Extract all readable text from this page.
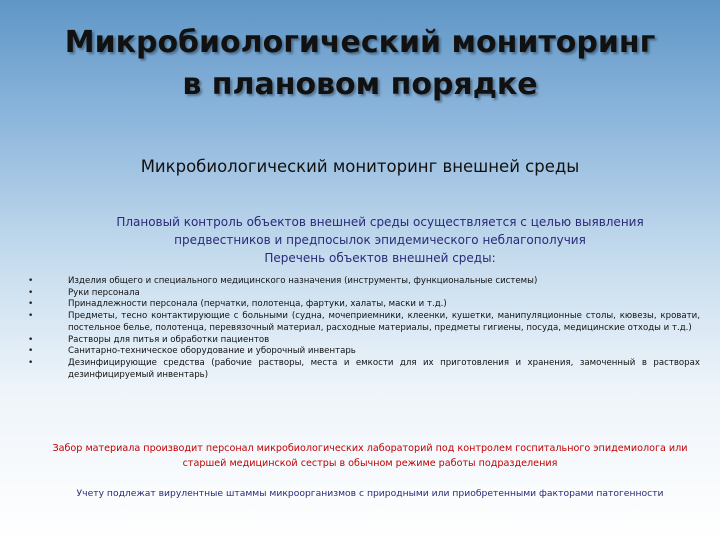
Микробиологический мониторинг
в плановом порядке
Микробиологический мониторинг внешней среды
Плановый контроль объектов внешней среды осуществляется с целью выявления предвестников и предпосылок эпидемического неблагополучия
Перечень объектов внешней среды:
•	Изделия общего и специального медицинского назначения (инструменты, функциональные системы)
•	Руки персонала
•	Принадлежности персонала (перчатки, полотенца, фартуки, халаты, маски и т.д.)
•	Предметы, тесно контактирующие с больными (судна, мочеприемники, клеенки, кушетки, манипуляционные столы, кювезы, кровати, постельное белье, полотенца, перевязочный материал, расходные материалы, предметы гигиены, посуда, медицинские отходы и т.д.)
•	Растворы для питья и обработки пациентов
•	Санитарно-техническое оборудование и уборочный инвентарь
•	Дезинфицирующие средства (рабочие растворы, места и емкости для их приготовления и хранения, замоченный в растворах дезинфицируемый инвентарь)
Забор материала производит персонал микробиологических лабораторий под контролем госпитального эпидемиолога или старшей медицинской сестры в обычном режиме работы подразделения
Учету подлежат вирулентные штаммы микроорганизмов с природными или приобретенными факторами патогенности
